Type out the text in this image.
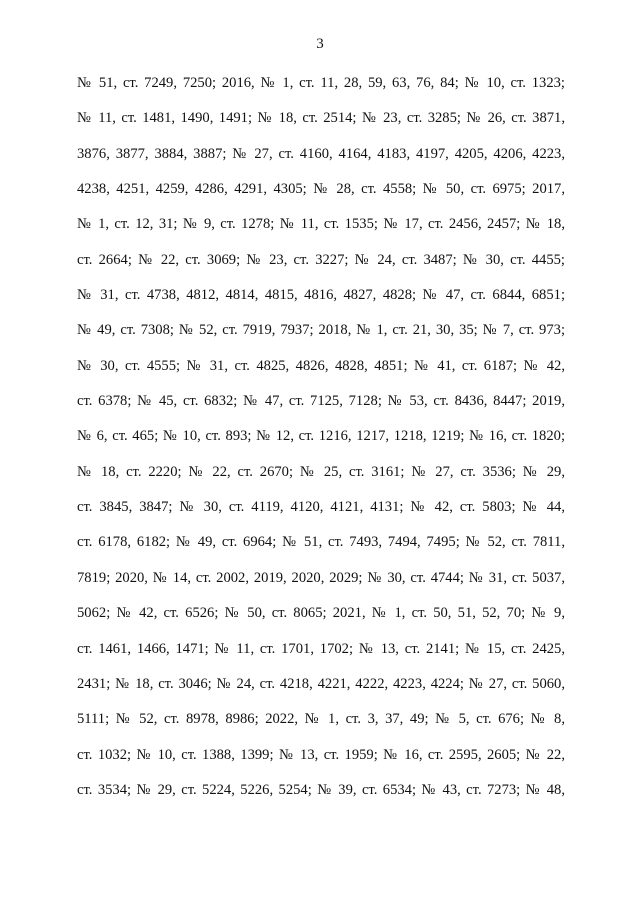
3
№ 51, ст. 7249, 7250; 2016, № 1, ст. 11, 28, 59, 63, 76, 84; № 10, ст. 1323;
№ 11, ст. 1481, 1490, 1491; № 18, ст. 2514; № 23, ст. 3285; № 26, ст. 3871,
3876, 3877, 3884, 3887; № 27, ст. 4160, 4164, 4183, 4197, 4205, 4206, 4223,
4238, 4251, 4259, 4286, 4291, 4305; № 28, ст. 4558; № 50, ст. 6975; 2017,
№ 1, ст. 12, 31; № 9, ст. 1278; № 11, ст. 1535; № 17, ст. 2456, 2457; № 18,
ст. 2664; № 22, ст. 3069; № 23, ст. 3227; № 24, ст. 3487; № 30, ст. 4455;
№ 31, ст. 4738, 4812, 4814, 4815, 4816, 4827, 4828; № 47, ст. 6844, 6851;
№ 49, ст. 7308; № 52, ст. 7919, 7937; 2018, № 1, ст. 21, 30, 35; № 7, ст. 973;
№ 30, ст. 4555; № 31, ст. 4825, 4826, 4828, 4851; № 41, ст. 6187; № 42,
ст. 6378; № 45, ст. 6832; № 47, ст. 7125, 7128; № 53, ст. 8436, 8447; 2019,
№ 6, ст. 465; № 10, ст. 893; № 12, ст. 1216, 1217, 1218, 1219; № 16, ст. 1820;
№ 18, ст. 2220; № 22, ст. 2670; № 25, ст. 3161; № 27, ст. 3536; № 29,
ст. 3845, 3847; № 30, ст. 4119, 4120, 4121, 4131; № 42, ст. 5803; № 44,
ст. 6178, 6182; № 49, ст. 6964; № 51, ст. 7493, 7494, 7495; № 52, ст. 7811,
7819; 2020, № 14, ст. 2002, 2019, 2020, 2029; № 30, ст. 4744; № 31, ст. 5037,
5062; № 42, ст. 6526; № 50, ст. 8065; 2021, № 1, ст. 50, 51, 52, 70; № 9,
ст. 1461, 1466, 1471; № 11, ст. 1701, 1702; № 13, ст. 2141; № 15, ст. 2425,
2431; № 18, ст. 3046; № 24, ст. 4218, 4221, 4222, 4223, 4224; № 27, ст. 5060,
5111; № 52, ст. 8978, 8986; 2022, № 1, ст. 3, 37, 49; № 5, ст. 676; № 8,
ст. 1032; № 10, ст. 1388, 1399; № 13, ст. 1959; № 16, ст. 2595, 2605; № 22,
ст. 3534; № 29, ст. 5224, 5226, 5254; № 39, ст. 6534; № 43, ст. 7273; № 48,
